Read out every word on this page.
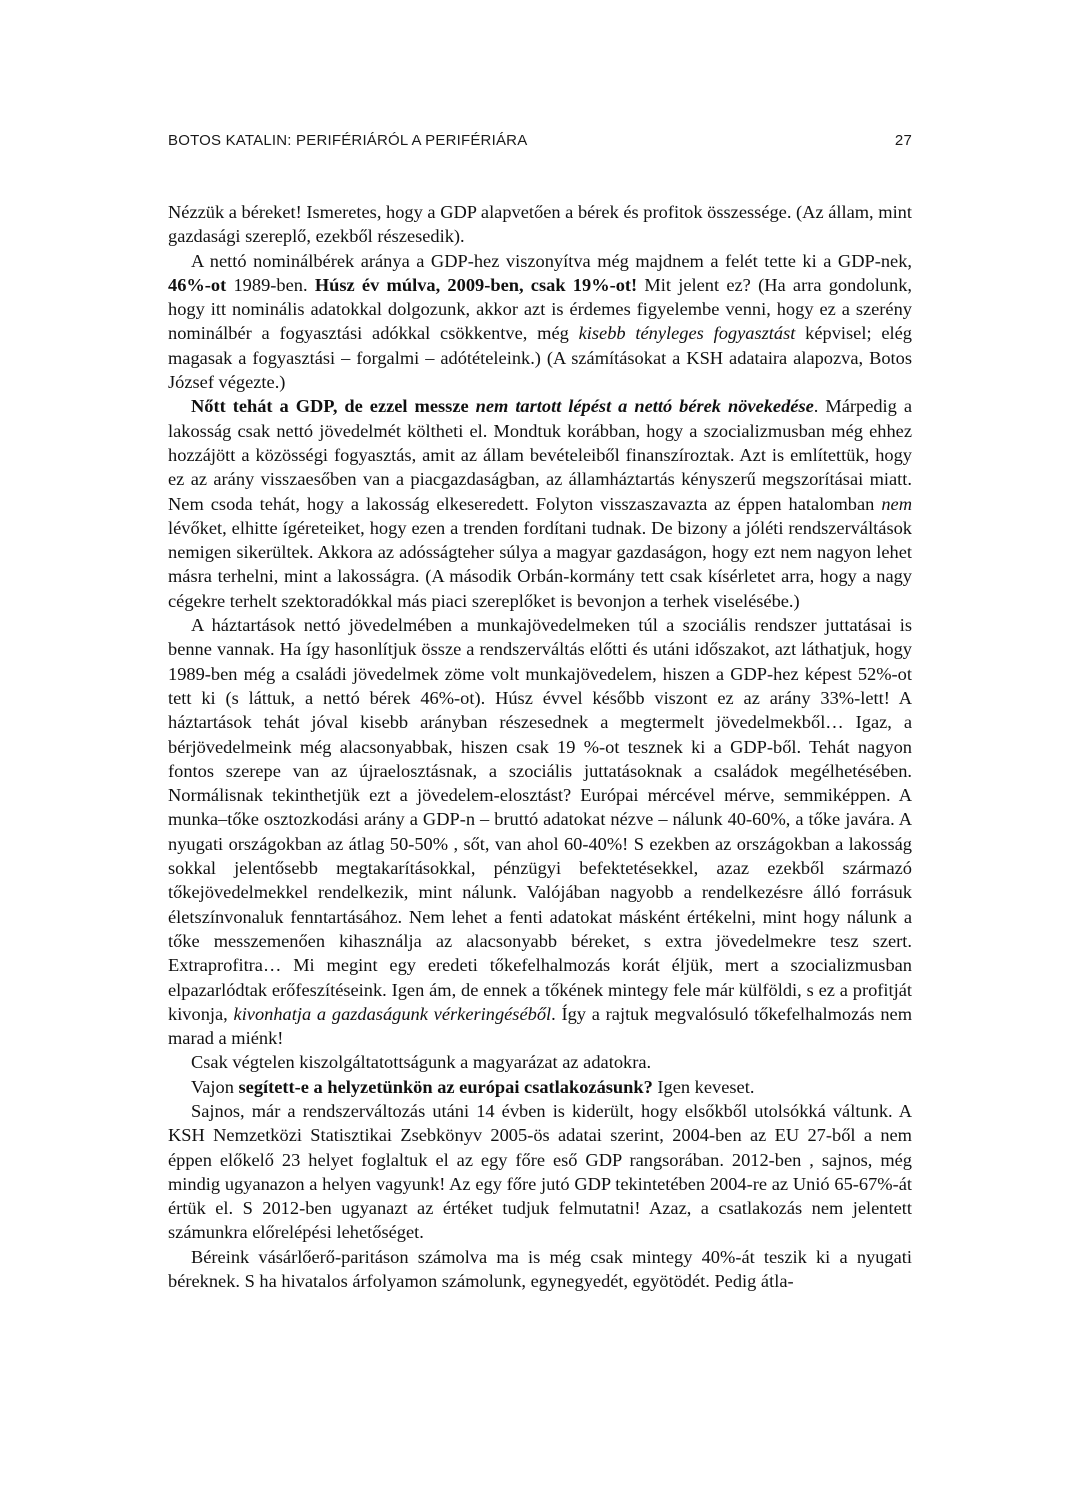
BOTOS KATALIN: PERIFÉRIÁRÓL A PERIFÉRIÁRA	27

Nézzük a béreket! Ismeretes, hogy a GDP alapvetően a bérek és profitok összessége. (Az állam, mint gazdasági szereplő, ezekből részesedik).

A nettó nominálbérek aránya a GDP-hez viszonyítva még majdnem a felét tette ki a GDP-nek, 46%-ot 1989-ben. Húsz év múlva, 2009-ben, csak 19%-ot! Mit jelent ez? (Ha arra gondolunk, hogy itt nominális adatokkal dolgozunk, akkor azt is érdemes figyelembe venni, hogy ez a szerény nominálbér a fogyasztási adókkal csökkentve, még kisebb tényleges fogyasztást képvisel; elég magasak a fogyasztási – forgalmi – adótételeink.) (A számításokat a KSH adataira alapozva, Botos József végezte.)

Nőtt tehát a GDP, de ezzel messze nem tartott lépést a nettó bérek növekedése. Márpedig a lakosság csak nettó jövedelmét költheti el. Mondtuk korábban, hogy a szocializmusban még ehhez hozzájött a közösségi fogyasztás, amit az állam bevételeiből finanszíroztak. Azt is említettük, hogy ez az arány visszaesőben van a piacgazdaságban, az államháztartás kényszerű megszorításai miatt. Nem csoda tehát, hogy a lakosság elkeseredett. Folyton visszaszavazta az éppen hatalomban nem lévőket, elhitte ígéreteiket, hogy ezen a trenden fordítani tudnak. De bizony a jóléti rendszerváltások nemigen sikerültek. Akkora az adósságteher súlya a magyar gazdaságon, hogy ezt nem nagyon lehet másra terhelni, mint a lakosságra. (A második Orbán-kormány tett csak kísérletet arra, hogy a nagy cégekre terhelt szektoradókkal más piaci szereplőket is bevonjon a terhek viselésébe.)

A háztartások nettó jövedelmében a munkajövedelmeken túl a szociális rendszer juttatásai is benne vannak. Ha így hasonlítjuk össze a rendszerváltás előtti és utáni időszakot, azt láthatjuk, hogy 1989-ben még a családi jövedelmek zöme volt munkajövedelem, hiszen a GDP-hez képest 52%-ot tett ki (s láttuk, a nettó bérek 46%-ot). Húsz évvel később viszont ez az arány 33%-lett! A háztartások tehát jóval kisebb arányban részesednek a megtermelt jövedelmekből… Igaz, a bérjövedelmeink még alacsonyabbak, hiszen csak 19 %-ot tesznek ki a GDP-ből. Tehát nagyon fontos szerepe van az újraelosztásnak, a szociális juttatásoknak a családok megélhetésében. Normálisnak tekinthetjük ezt a jövedelem-elosztást? Európai mércével mérve, semmiképpen. A munka–tőke osztozkodási arány a GDP-n – bruttó adatokat nézve – nálunk 40-60%, a tőke javára. A nyugati országokban az átlag 50-50% , sőt, van ahol 60-40%! S ezekben az országokban a lakosság sokkal jelentősebb megtakarításokkal, pénzügyi befektetésekkel, azaz ezekből származó tőkejövedelmekkel rendelkezik, mint nálunk. Valójában nagyobb a rendelkezésre álló forrásuk életszínvonaluk fenntartásához. Nem lehet a fenti adatokat másként értékelni, mint hogy nálunk a tőke messzemenően kihasználja az alacsonyabb béreket, s extra jövedelmekre tesz szert. Extraprofitra… Mi megint egy eredeti tőkefelhalmozás korát éljük, mert a szocializmusban elpazarlódtak erőfeszítéseink. Igen ám, de ennek a tőkének mintegy fele már külföldi, s ez a profitját kivonja, kivonhatja a gazdaságunk vérkeringéséből. Így a rajtuk megvalósuló tőkefelhalmozás nem marad a miénk!

Csak végtelen kiszolgáltatottságunk a magyarázat az adatokra.

Vajon segített-e a helyzetünkön az európai csatlakozásunk? Igen keveset.

Sajnos, már a rendszerváltozás utáni 14 évben is kiderült, hogy elsőkből utolsókká váltunk. A KSH Nemzetközi Statisztikai Zsebkönyv 2005-ös adatai szerint, 2004-ben az EU 27-ből a nem éppen előkelő 23 helyet foglaltuk el az egy főre eső GDP rangsorában. 2012-ben , sajnos, még mindig ugyanazon a helyen vagyunk! Az egy főre jutó GDP tekintetében 2004-re az Unió 65-67%-át értük el. S 2012-ben ugyanazt az értéket tudjuk felmutatni! Azaz, a csatlakozás nem jelentett számunkra előrelépési lehetőséget.

Béreink vásárlőerő-paritáson számolva ma is még csak mintegy 40%-át teszik ki a nyugati béreknek. S ha hivatalos árfolyamon számolunk, egynegyedét, egyötödét. Pedig átla-
